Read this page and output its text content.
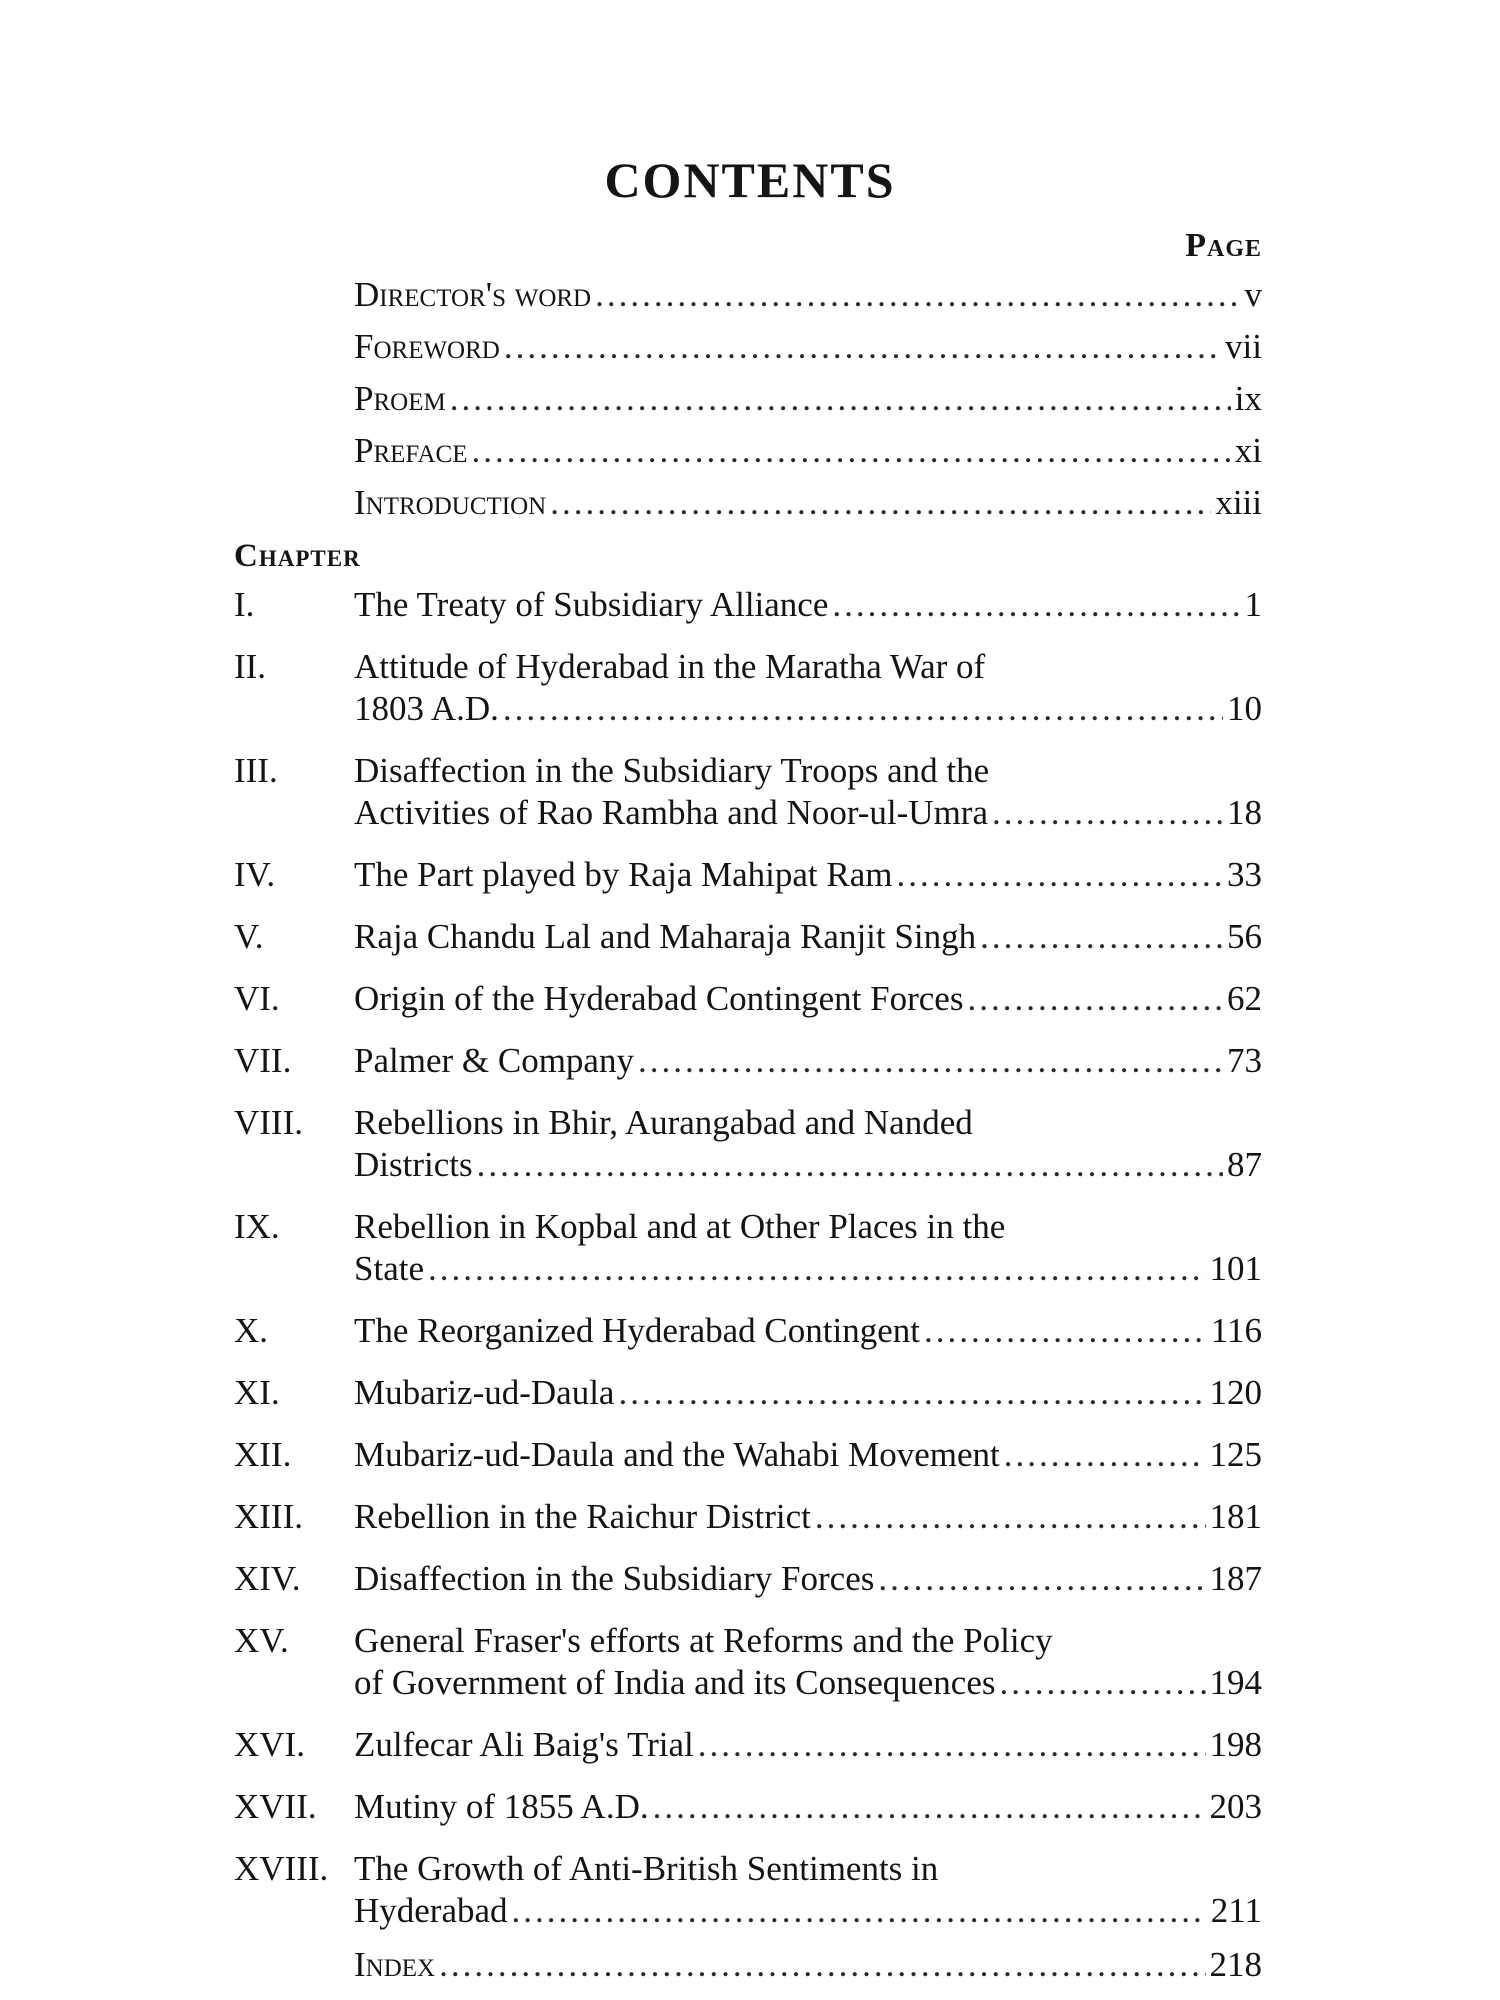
CONTENTS
Page
Director's word .....	v
Foreword .....	vii
Proem .....	ix
Preface .....	xi
Introduction .....	xiii
Chapter
I.	The Treaty of Subsidiary Alliance .....	1
II.	Attitude of Hyderabad in the Maratha War of
1803 A.D. .....	10
III. Disaffection in the Subsidiary Troops and the
Activities of Rao Rambha and Noor-ul-Umra .....	18
IV. The Part played by Raja Mahipat Ram .....	33
V.	Raja Chandu Lal and Maharaja Ranjit Singh .....	56
VI. Origin of the Hyderabad Contingent Forces .....	62
VII. Palmer & Company .....	73
VIII. Rebellions in Bhir, Aurangabad and Nanded
Districts .....	87
IX. Rebellion in Kopbal and at Other Places in the
State .....	101
X. The Reorganized Hyderabad Contingent .....	116
XI. Mubariz-ud-Daula .....	120
XII. Mubariz-ud-Daula and the Wahabi Movement .....	125
XIII. Rebellion in the Raichur District .....	181
XIV. Disaffection in the Subsidiary Forces .....	187
XV. General Fraser's efforts at Reforms and the Policy
of Government of India and its Consequences .....	194
XVI. Zulfecar Ali Baig's Trial .....	198
XVII. Mutiny of 1855 A.D. .....	203
XVIII. The Growth of Anti-British Sentiments in
Hyderabad .....	211
Index .....	218
